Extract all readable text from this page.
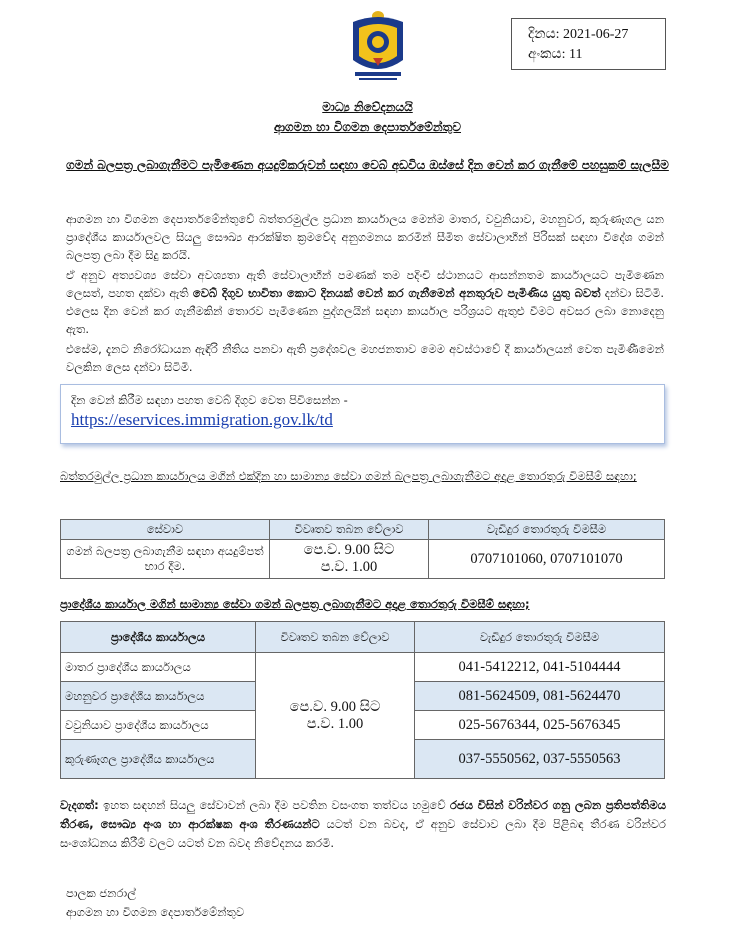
දිනය: 2021-06-27
අංකය: 11
මාධ්‍ය නිවේදනයයි
ආගමන හා විගමන දෙපාර්තමේන්තුව
ගමන් බලපත්‍ර ලබාගැනීමට පැමිණෙන අයදුම්කරුවන් සඳහා වෙබ් අඩවිය ඔස්සේ දින වෙන් කර ගැනීමේ පහසුකම් සැලසීම
ආගමන හා විගමන දෙපාර්තමේන්තුවේ බත්තරමුල්ල ප්‍රධාන කාර්යාලය මෙන්ම මාතර, වවුනියාව, මහනුවර, කුරුණෑගල යන ප්‍රාදේශීය කාර්යාලවල සියලු සෞඛ්‍ය ආරක්ෂිත ක්‍රමවේද අනුගමනය කරමින් සීමිත සේවාලාභීන් පිරිසක් සඳහා විදේශ ගමන් බලපත්‍ර ලබා දීම සිදු කරයි.
ඒ අනුව අත්‍යවශ්‍ය සේවා අවශ්‍යතා ඇති සේවාලාභීන් පමණක් තම පදිංචි ස්ථානයට ආසන්නතම කාර්යාලයට පැමිණෙන ලෙසත්, පහත දක්වා ඇති වෙබ් දිගුව භාවිතා කොට දිනයක් වෙන් කර ගැනීමෙන් අනතුරුව පැමිණිය යුතු බවත් දන්වා සිටිමි. එලෙස දින වෙන් කර ගැනීමකින් තොරව පැමිණෙන පුද්ගලයින් සඳහා කාර්යාල පරිශ්‍රයට ඇතුළු වීමට අවසර ලබා නොදෙනු ඇත.
එසේම, දැනට නිරෝධායන ඇඳිරි නීතිය පනවා ඇති ප්‍රදේශවල මහජනතාව මෙම අවස්ථාවේ දී කාර්යාලයන් වෙත පැමිණීමෙන් වලකින ලෙස දන්වා සිටිමි.
දින වෙන් කිරීම සඳහා පහත වෙබ් දිගුව වෙත පිවිසෙන්න -
https://eservices.immigration.gov.lk/td
බත්තරමුල්ල ප්‍රධාන කාර්යාලය මගින් එක්දින හා සාමාන්‍ය සේවා ගමන් බලපත්‍ර ලබාගැනීමට අදාළ තොරතුරු විමසීම් සඳහා;
සේවාව	විවෘතව තබන වේලාව	වැඩිදුර තොරතුරු විමසීම
ගමන් බලපත්‍ර ලබාගැනීම සඳහා අයදුම්පත් භාර දීම.	පෙ.ව. 9.00 සිට
ප.ව. 1.00	0707101060, 0707101070
ප්‍රාදේශීය කාර්යාල මගින් සාමාන්‍ය සේවා ගමන් බලපත්‍ර ලබාගැනීමට අදාළ තොරතුරු විමසීම් සඳහා;
ප්‍රාදේශීය කාර්යාලය	විවෘතව තබන වේලාව	වැඩිදුර තොරතුරු විමසීම
මාතර ප්‍රාදේශීය කාර්යාලය	පෙ.ව. 9.00 සිට
ප.ව. 1.00	041-5412212, 041-5104444
මහනුවර ප්‍රාදේශීය කාර්යාලය		081-5624509, 081-5624470
වවුනියාව ප්‍රාදේශීය කාර්යාලය		025-5676344, 025-5676345
කුරුණෑගල ප්‍රාදේශීය කාර්යාලය		037-5550562, 037-5550563
වැදගත්: ඉහත සඳහන් සියලු සේවාවන් ලබා දීම පවතින වසංගත තත්වය හමුවේ රජය විසින් වරින්වර ගනු ලබන ප්‍රතිපත්තිමය තීරණ, සෞඛ්‍ය අංශ හා ආරක්ෂක අංශ තීරණයන්ට යටත් වන බවද, ඒ අනුව සේවාව ලබා දීම පිළිබඳ තීරණ වරින්වර සංශෝධනය කිරීම් වලට යටත් වන බවද නිවේදනය කරමි.
පාලක ජනරාල්
ආගමන හා විගමන දෙපාර්තමේන්තුව
